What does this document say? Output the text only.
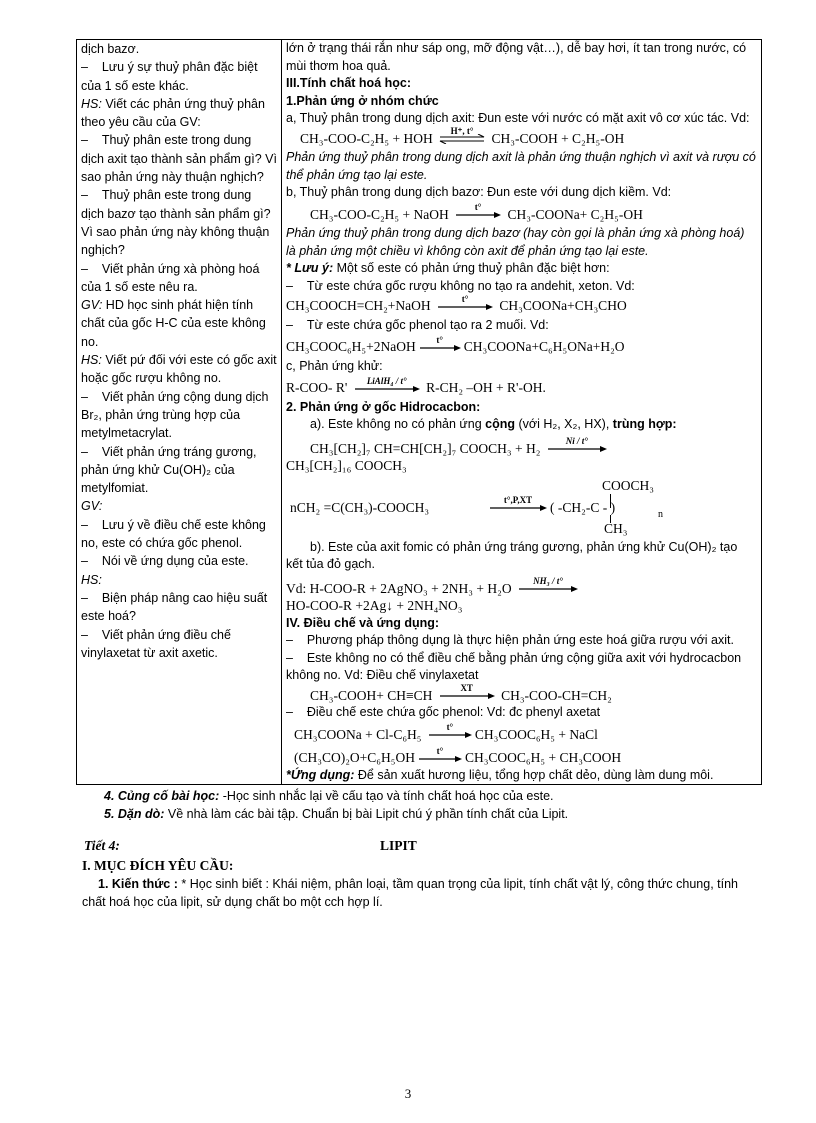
dịch bazơ.
–    Lưu ý sự thuỷ phân đặc biệt của 1 số este khác.
HS: Viết các phản ứng thuỷ phân theo yêu cầu của GV:
–    Thuỷ phân este trong dung dịch axit tạo thành sản phẩm gì? Vì sao phản ứng này thuận nghịch?
–    Thuỷ phân este trong dung dịch bazơ tạo thành sản phẩm gì? Vì sao phản ứng này không thuận nghịch?
–    Viết phản ứng xà phòng hoá của 1 số este nêu ra.
GV: HD học sinh phát hiện tính chất của gốc H-C của este không no.
HS: Viết pứ đối với este có gốc axit hoặc gốc rượu không no.
–    Viết phản ứng cộng dung dịch Br₂, phản ứng trùng hợp của metylmetacrylat.
–    Viết phản ứng tráng gương, phản ứng khử Cu(OH)₂ của metylfomiat.
GV:
–    Lưu ý về điều chế este không no, este có chứa gốc phenol.
–    Nói về ứng dụng của este.
HS:
–    Biện pháp nâng cao hiệu suất este hoá?
–    Viết phản ứng điều chế vinylaxetat từ axit axetic.

lớn ở trạng thái rắn như sáp ong, mỡ động vật…), dễ bay hơi, ít tan trong nước, có mùi thơm hoa quả.
III.Tính chất hoá học:
1.Phản ứng ở nhóm chức
a, Thuỷ phân trong dung dịch axit: Đun este với nước có mặt axit vô cơ xúc tác. Vd:
CH₃-COO-C₂H₅ + HOH	H⁺, t°	CH₃-COOH + C₂H₅-OH
Phản ứng thuỷ phân trong dung dịch axit là phản ứng thuận nghịch vì axit và rượu có thể phản ứng tạo lại este.
b, Thuỷ phân trong dung dịch bazơ: Đun este với dung dịch kiềm. Vd:
CH₃-COO-C₂H₅ + NaOH	t°	CH₃-COONa+ C₂H₅-OH
Phản ứng thuỷ phân trong dung dịch bazơ (hay còn gọi là phản ứng xà phòng hoá) là phản ứng một chiều vì không còn axit để phản ứng tạo lại este.
* Lưu ý: Một số este có phản ứng thuỷ phân đặc biệt hơn:
–    Từ este chứa gốc rượu không no tạo ra andehit, xeton. Vd:
CH₃COOCH=CH₂+NaOH	t°	CH₃COONa+CH₃CHO
–    Từ este chứa gốc phenol tạo ra 2 muối. Vd:
CH₃COOC₆H₅+2NaOH	t°	CH₃COONa+C₆H₅ONa+H₂O
c, Phản ứng khử:
R-COO- R'	LiAlH₄ / t°	R-CH₂ –OH + R'-OH.
2. Phản ứng ở gốc Hidrocacbon:
a). Este không no có phản ứng cộng (với H₂, X₂, HX), trùng hợp:
CH₃[CH₂]₇ CH=CH[CH₂]₇ COOCH₃ + H₂	Ni / t°
CH₃[CH₂]₁₆ COOCH₃
COOCH₃
nCH₂ =C(CH₃)-COOCH₃	t°,P,XT	( -CH₂-C - )	n
CH₃
b). Este của axit fomic có phản ứng tráng gương, phản ứng khử Cu(OH)₂ tạo kết tủa đỏ gạch.
Vd: H-COO-R + 2AgNO₃ + 2NH₃ + H₂O	NH₃ / t°
HO-COO-R +2Ag↓ + 2NH₄NO₃
IV. Điều chế và ứng dụng:
–    Phương pháp thông dụng là thực hiện phản ứng este hoá giữa rượu với axit.
–    Este không no có thể điều chế bằng phản ứng cộng giữa axit với hydrocacbon không no. Vd: Điều chế vinylaxetat
CH₃-COOH+ CH≡CH	XT	CH₃-COO-CH=CH₂
–    Điều chế este chứa gốc phenol: Vd: đc phenyl axetat
CH₃COONa + Cl-C₆H₅	t°	CH₃COOC₆H₅ + NaCl
(CH₃CO)₂O+C₆H₅OH	t°	CH₃COOC₆H₅ + CH₃COOH
*Ứng dụng: Để sản xuất hương liệu, tổng hợp chất dẻo, dùng làm dung môi.
4. Củng cố bài học: -Học sinh nhắc lại về cấu tạo và tính chất hoá học của este.
5. Dặn dò: Về nhà làm các bài tập. Chuẩn bị bài Lipit chú ý phần tính chất của Lipit.
Tiết 4:	LIPIT
I. MỤC ĐÍCH YÊU CẦU:
1. Kiến thức : * Học sinh biết : Khái niệm, phân loại, tầm quan trọng của lipit, tính chất vật lý, công thức chung, tính chất hoá học của lipit, sử dụng chất bo một cch hợp lí.
3
